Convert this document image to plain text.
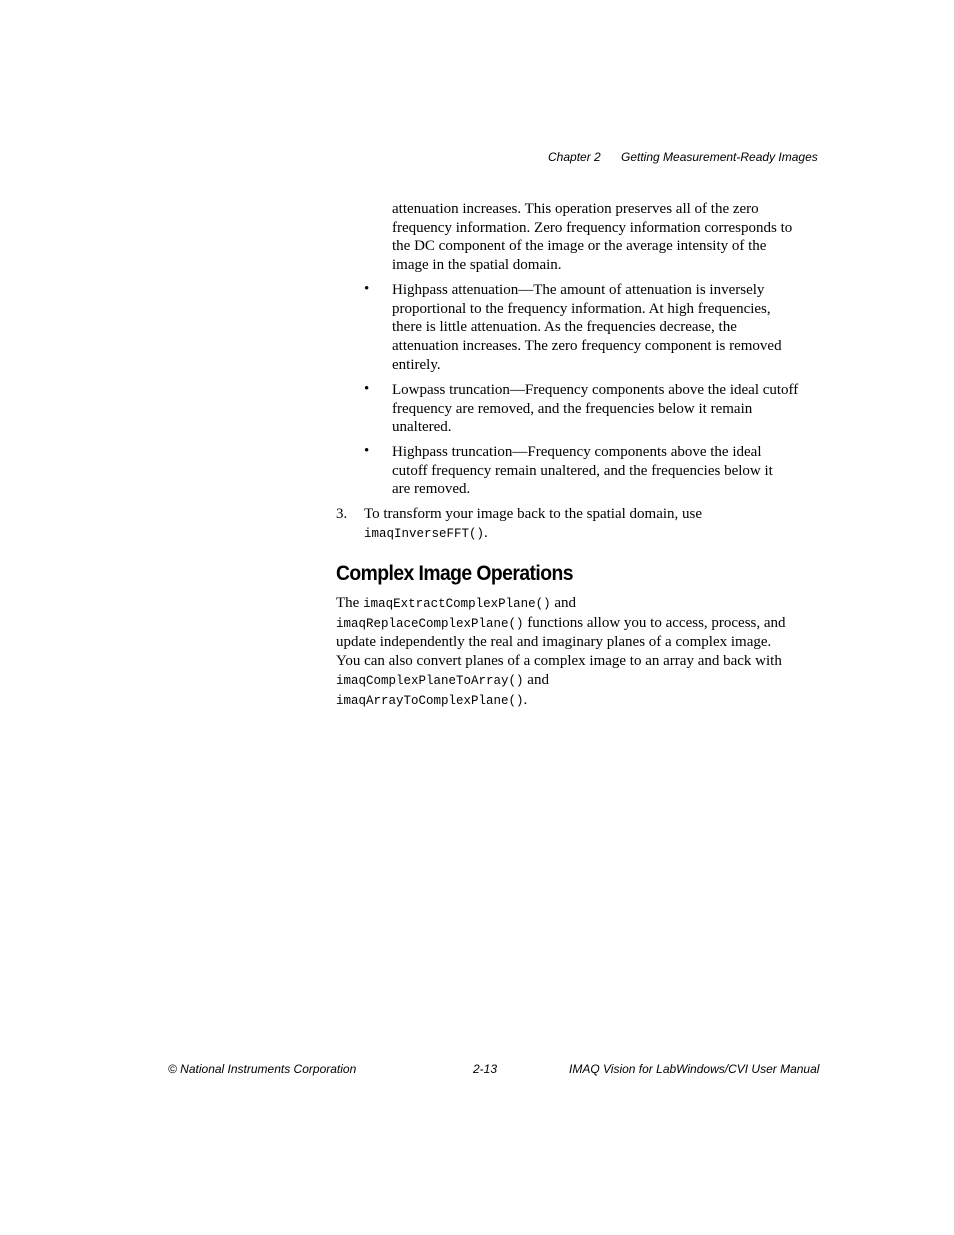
Chapter 2 Getting Measurement-Ready Images
attenuation increases. This operation preserves all of the zero frequency information. Zero frequency information corresponds to the DC component of the image or the average intensity of the image in the spatial domain.
• Highpass attenuation—The amount of attenuation is inversely proportional to the frequency information. At high frequencies, there is little attenuation. As the frequencies decrease, the attenuation increases. The zero frequency component is removed entirely.
• Lowpass truncation—Frequency components above the ideal cutoff frequency are removed, and the frequencies below it remain unaltered.
• Highpass truncation—Frequency components above the ideal cutoff frequency remain unaltered, and the frequencies below it are removed.
3. To transform your image back to the spatial domain, use
imaqInverseFFT().
Complex Image Operations
The imaqExtractComplexPlane() and
imaqReplaceComplexPlane() functions allow you to access, process, and update independently the real and imaginary planes of a complex image. You can also convert planes of a complex image to an array and back with imaqComplexPlaneToArray() and
imaqArrayToComplexPlane().
© National Instruments Corporation	2-13	IMAQ Vision for LabWindows/CVI User Manual
